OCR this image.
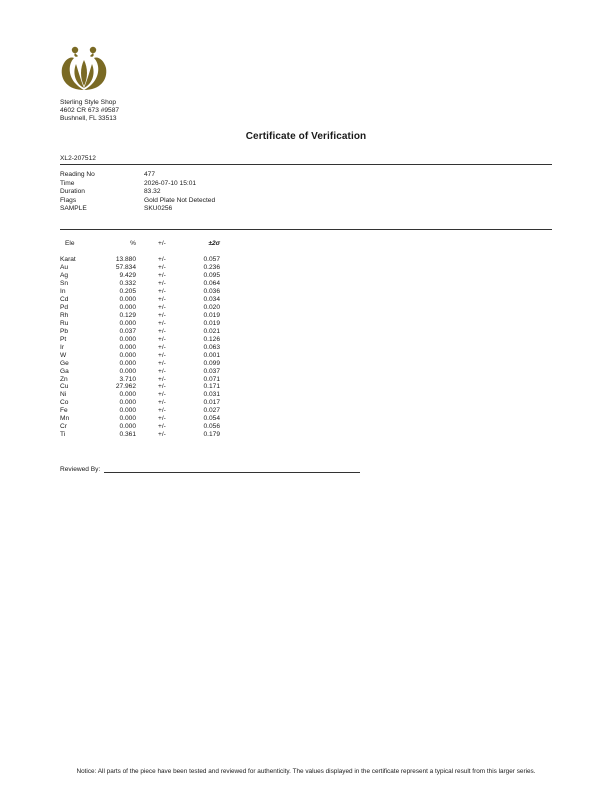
Sterling Style Shop
4602 CR 673 #9587
Bushnell, FL 33513
Certificate of Verification
XL2-207512
Reading No	477
Time	2026-07-10 15:01
Duration	83.32
Flags	Gold Plate Not Detected
SAMPLE	SKU0256
Ele	%	+/-	±2σ
Karat	13.880	+/-	0.057
Au	57.834	+/-	0.236
Ag	9.429	+/-	0.095
Sn	0.332	+/-	0.064
In	0.205	+/-	0.036
Cd	0.000	+/-	0.034
Pd	0.000	+/-	0.020
Rh	0.129	+/-	0.019
Ru	0.000	+/-	0.019
Pb	0.037	+/-	0.021
Pt	0.000	+/-	0.126
Ir	0.000	+/-	0.063
W	0.000	+/-	0.001
Ge	0.000	+/-	0.099
Ga	0.000	+/-	0.037
Zn	3.710	+/-	0.071
Cu	27.962	+/-	0.171
Ni	0.000	+/-	0.031
Co	0.000	+/-	0.017
Fe	0.000	+/-	0.027
Mn	0.000	+/-	0.054
Cr	0.000	+/-	0.056
Ti	0.361	+/-	0.179
Reviewed By:
Notice: All parts of the piece have been tested and reviewed for authenticity. The values displayed in the certificate represent a typical result from this larger series.
